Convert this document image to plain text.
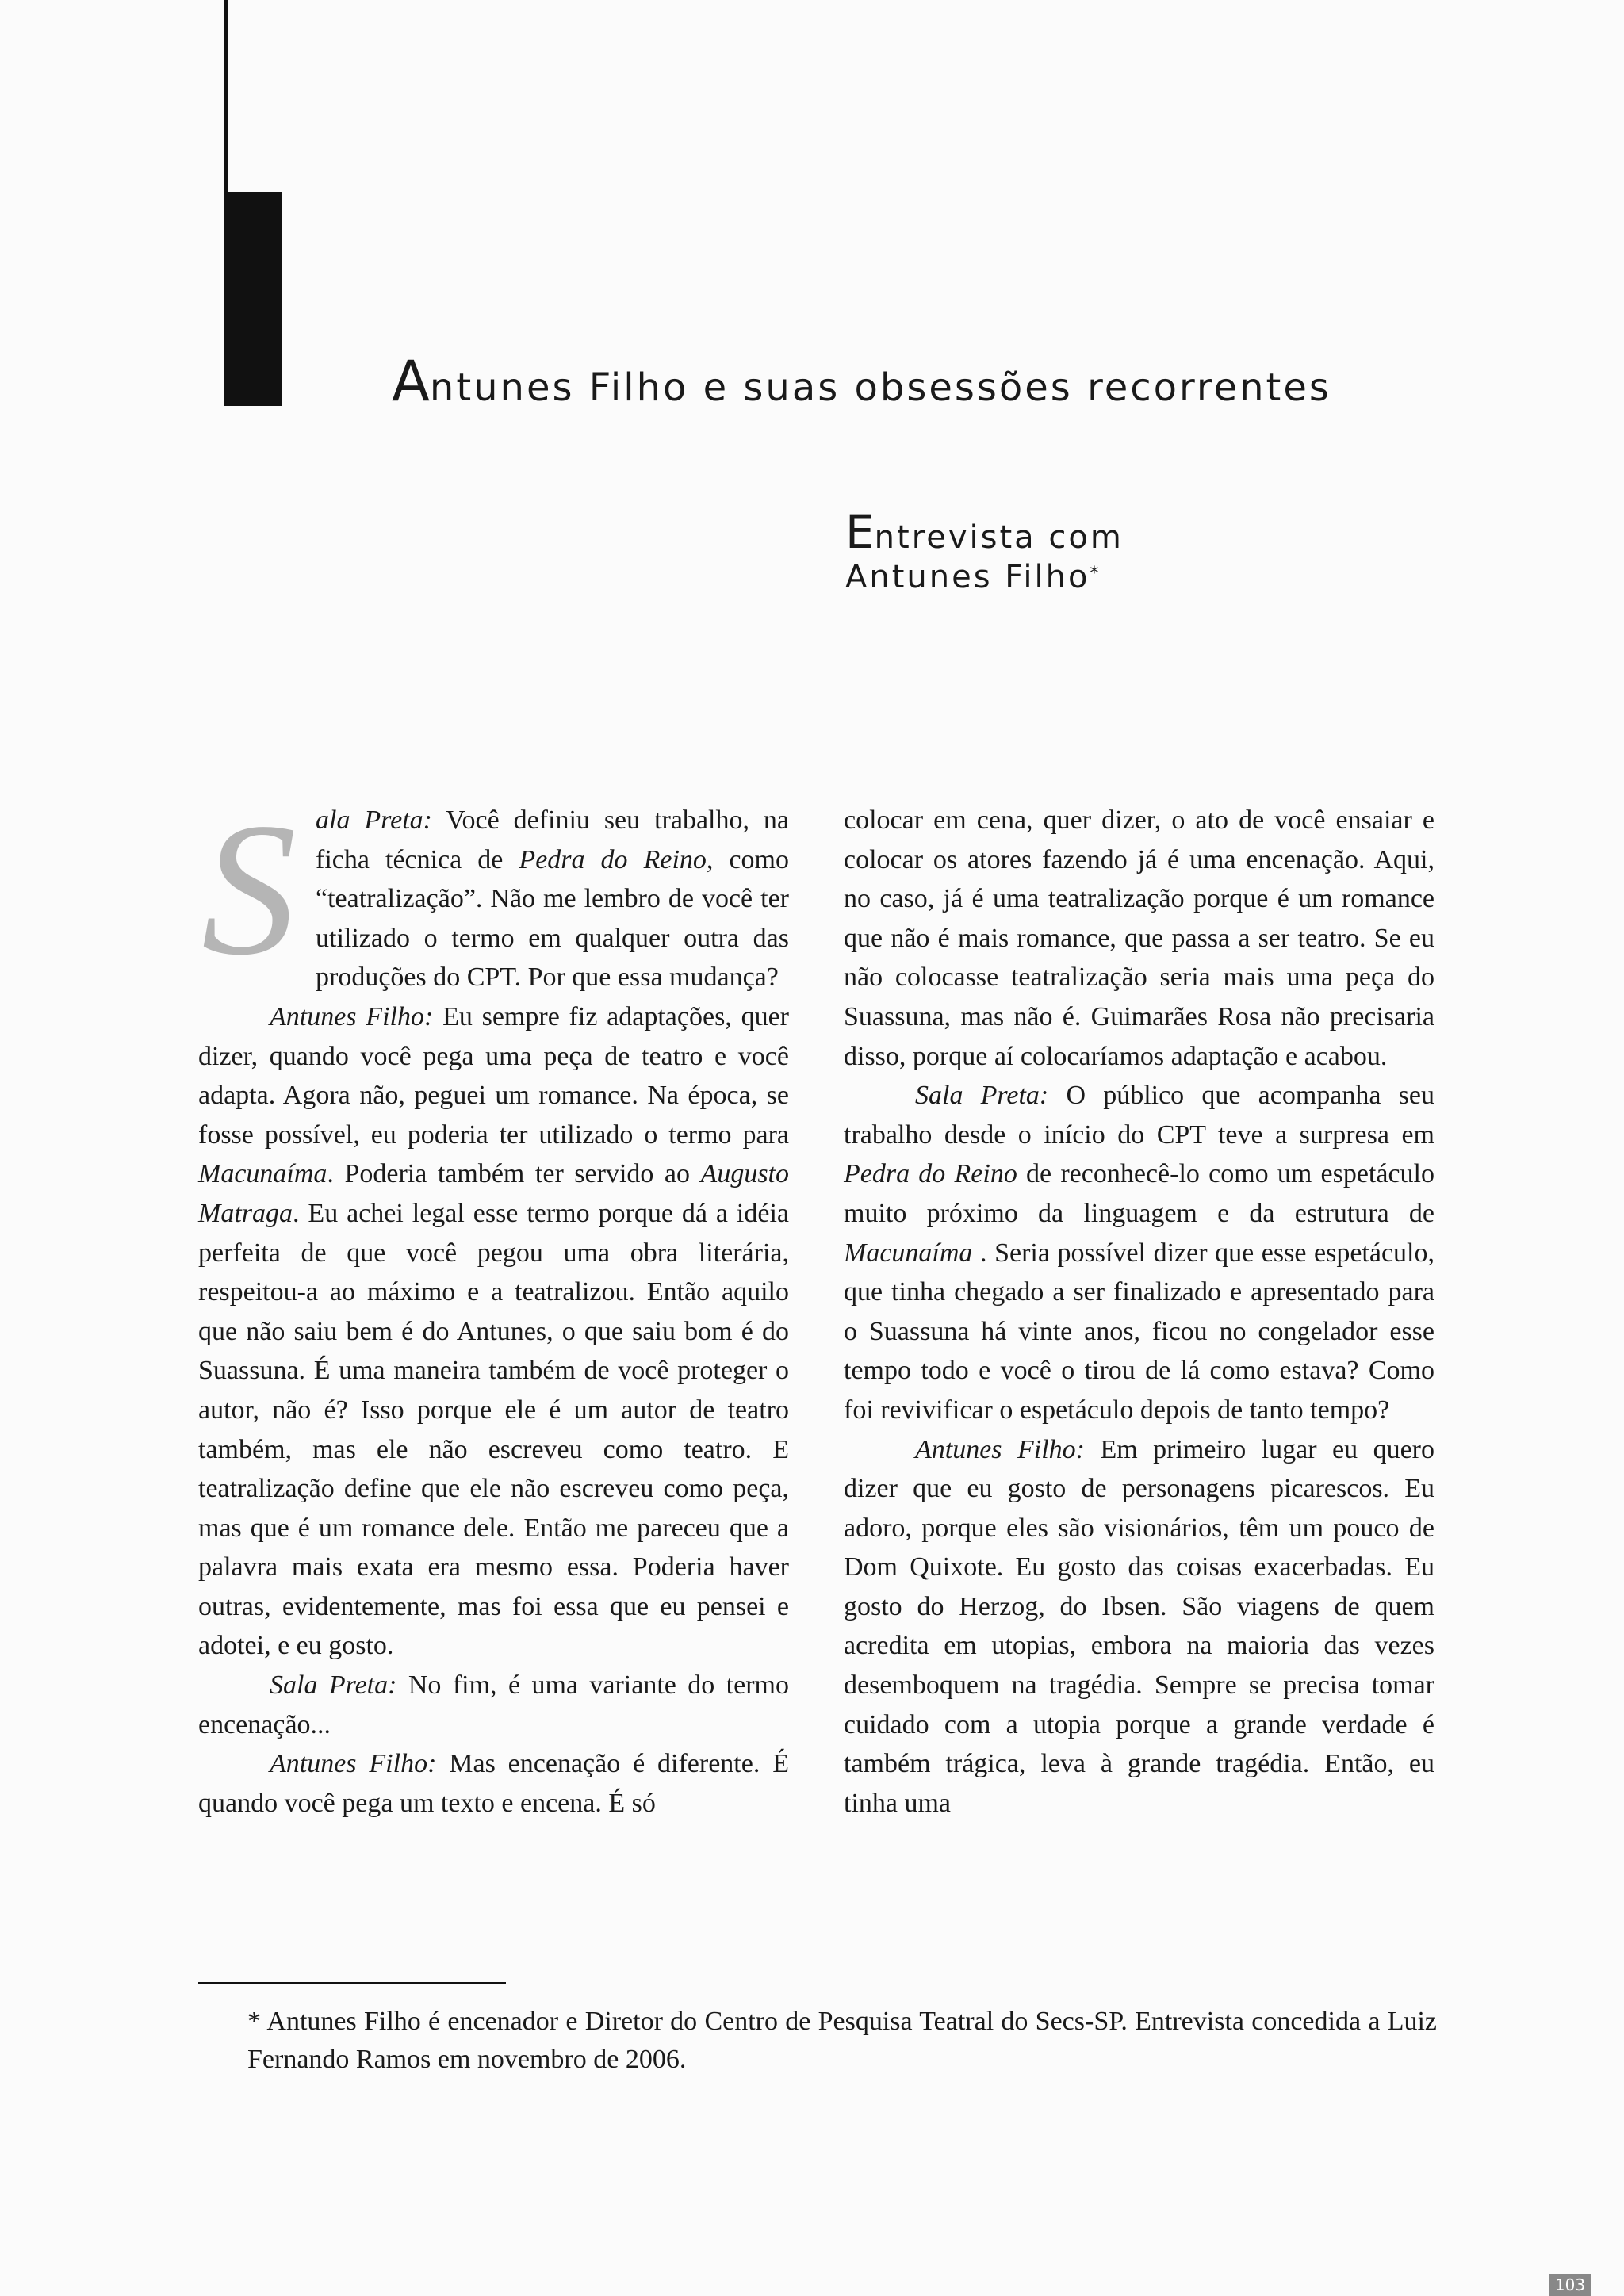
Antunes Filho e suas obsessões recorrentes
Entrevista com
Antunes Filho*

Sala Preta: Você definiu seu trabalho, na ficha técnica de Pedra do Reino, como “teatralização”. Não me lembro de você ter utilizado o termo em qualquer outra das produções do CPT. Por que essa mudança?

Antunes Filho: Eu sempre fiz adaptações, quer dizer, quando você pega uma peça de teatro e você adapta. Agora não, peguei um romance. Na época, se fosse possível, eu poderia ter utilizado o termo para Macunaíma. Poderia também ter servido ao Augusto Matraga. Eu achei legal esse termo porque dá a idéia perfeita de que você pegou uma obra literária, respeitou-a ao máximo e a teatralizou. Então aquilo que não saiu bem é do Antunes, o que saiu bom é do Suassuna. É uma maneira também de você proteger o autor, não é? Isso porque ele é um autor de teatro também, mas ele não escreveu como teatro. E teatralização define que ele não escreveu como peça, mas que é um romance dele. Então me pareceu que a palavra mais exata era mesmo essa. Poderia haver outras, evidentemente, mas foi essa que eu pensei e adotei, e eu gosto.

Sala Preta: No fim, é uma variante do termo encenação...

Antunes Filho: Mas encenação é diferente. É quando você pega um texto e encena. É só

colocar em cena, quer dizer, o ato de você ensaiar e colocar os atores fazendo já é uma encenação. Aqui, no caso, já é uma teatralização porque é um romance que não é mais romance, que passa a ser teatro. Se eu não colocasse teatralização seria mais uma peça do Suassuna, mas não é. Guimarães Rosa não precisaria disso, porque aí colocaríamos adaptação e acabou.

Sala Preta: O público que acompanha seu trabalho desde o início do CPT teve a surpresa em Pedra do Reino de reconhecê-lo como um espetáculo muito próximo da linguagem e da estrutura de Macunaíma . Seria possível dizer que esse espetáculo, que tinha chegado a ser finalizado e apresentado para o Suassuna há vinte anos, ficou no congelador esse tempo todo e você o tirou de lá como estava? Como foi revivificar o espetáculo depois de tanto tempo?

Antunes Filho: Em primeiro lugar eu quero dizer que eu gosto de personagens picarescos. Eu adoro, porque eles são visionários, têm um pouco de Dom Quixote. Eu gosto das coisas exacerbadas. Eu gosto do Herzog, do Ibsen. São viagens de quem acredita em utopias, embora na maioria das vezes desemboquem na tragédia. Sempre se precisa tomar cuidado com a utopia porque a grande verdade é também trágica, leva à grande tragédia. Então, eu tinha uma

* Antunes Filho é encenador e Diretor do Centro de Pesquisa Teatral do Secs-SP. Entrevista concedida a Luiz Fernando Ramos em novembro de 2006.
103
